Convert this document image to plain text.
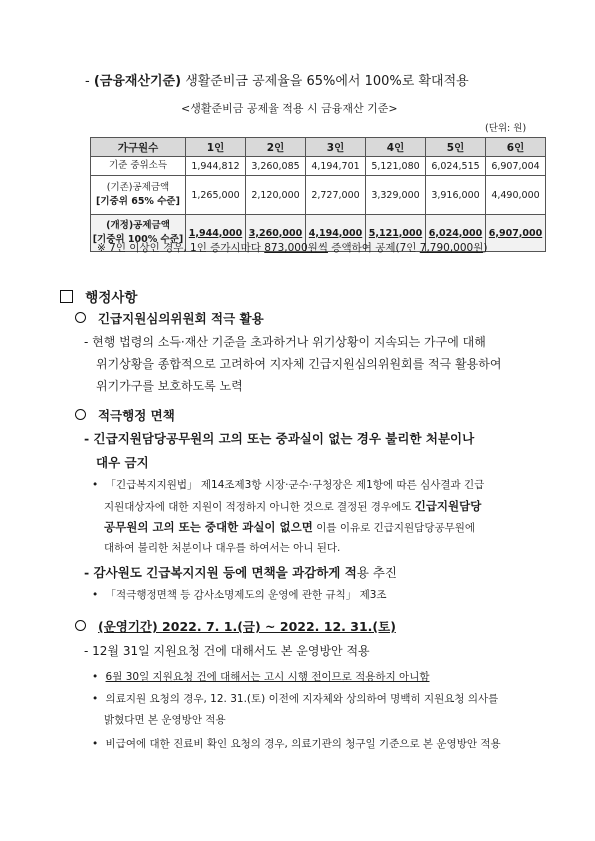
- (금융재산기준) 생활준비금 공제율을 65%에서 100%로 확대적용
<생활준비금 공제율 적용 시 금융재산 기준>
(단위: 원)
가구원수	1인	2인	3인	4인	5인	6인
기준 중위소득	1,944,812	3,260,085	4,194,701	5,121,080	6,024,515	6,907,004

(기존)공제금액
[기중위 65% 수준]	1,265,000	2,120,000	2,727,000	3,329,000	3,916,000	4,490,000

(개정)공제금액
[기중위 100% 수준]	1,944,000	3,260,000	4,194,000	5,121,000	6,024,000	6,907,000
※ 7인 이상인 경우, 1인 증가시마다 873,000원씩 증액하여 공제(7인 7,790,000원)
행정사항
긴급지원심의위원회 적극 활용
- 현행 법령의 소득·재산 기준을 초과하거나 위기상황이 지속되는 가구에 대해
위기상황을 종합적으로 고려하여 지자체 긴급지원심의위원회를 적극 활용하여
위기가구를 보호하도록 노력
적극행정 면책
- 긴급지원담당공무원의 고의 또는 중과실이 없는 경우 불리한 처분이나
대우 금지
• 「긴급복지지원법」 제14조제3항 시장·군수·구청장은 제1항에 따른 심사결과 긴급
지원대상자에 대한 지원이 적정하지 아니한 것으로 결정된 경우에도 긴급지원담당
공무원의 고의 또는 중대한 과실이 없으면 이를 이유로 긴급지원담당공무원에
대하여 불리한 처분이나 대우를 하여서는 아니 된다.
- 감사원도 긴급복지지원 등에 면책을 과감하게 적용 추진
• 「적극행정면책 등 감사소명제도의 운영에 관한 규칙」 제3조
(운영기간) 2022. 7. 1.(금) ~ 2022. 12. 31.(토)
- 12월 31일 지원요청 건에 대해서도 본 운영방안 적용
• 6월 30일 지원요청 건에 대해서는 고시 시행 전이므로 적용하지 아니함
• 의료지원 요청의 경우, 12. 31.(토) 이전에 지자체와 상의하여 명백히 지원요청 의사를
밝혔다면 본 운영방안 적용
• 비급여에 대한 진료비 확인 요청의 경우, 의료기관의 청구일 기준으로 본 운영방안 적용
